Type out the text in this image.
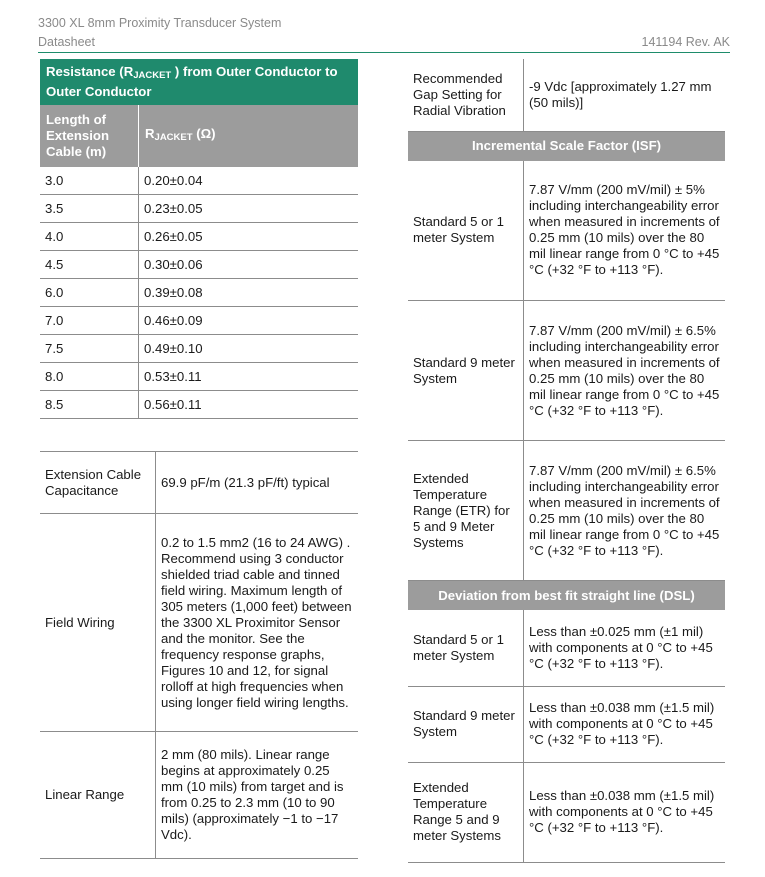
3300 XL 8mm Proximity Transducer System
Datasheet	141194 Rev. AK
Resistance ($R_{JACKET}$ ) from Outer Conductor to Outer Conductor	
Length of Extension Cable (m)	$R_{JACKET}$ (Ω)
3.0	0.20±0.04
3.5	0.23±0.05
4.0	0.26±0.05
4.5	0.30±0.06
6.0	0.39±0.08
7.0	0.46±0.09
7.5	0.49±0.10
8.0	0.53±0.11
8.5	0.56±0.11
Extension Cable Capacitance	69.9 pF/m (21.3 pF/ft) typical
Field Wiring	0.2 to 1.5 mm2 (16 to 24 AWG) . Recommend using 3 conductor shielded triad cable and tinned field wiring. Maximum length of 305 meters (1,000 feet) between the 3300 XL Proximitor Sensor and the monitor. See the frequency response graphs, Figures 10 and 12, for signal rolloff at high frequencies when using longer field wiring lengths.
Linear Range	2 mm (80 mils). Linear range begins at approximately 0.25 mm (10 mils) from target and is from 0.25 to 2.3 mm (10 to 90 mils) (approximately −1 to −17 Vdc).
Recommended Gap Setting for Radial Vibration	-9 Vdc [approximately 1.27 mm (50 mils)]
Incremental Scale Factor (ISF)	
Standard 5 or 1 meter System	7.87 V/mm (200 mV/mil) ± 5% including interchangeability error when measured in increments of 0.25 mm (10 mils) over the 80 mil linear range from 0 °C to +45 °C (+32 °F to +113 °F).
Standard 9 meter System	7.87 V/mm (200 mV/mil) ± 6.5% including interchangeability error when measured in increments of 0.25 mm (10 mils) over the 80 mil linear range from 0 °C to +45 °C (+32 °F to +113 °F).
Extended Temperature Range (ETR) for 5 and 9 Meter Systems	7.87 V/mm (200 mV/mil) ± 6.5% including interchangeability error when measured in increments of 0.25 mm (10 mils) over the 80 mil linear range from 0 °C to +45 °C (+32 °F to +113 °F).
Deviation from best fit straight line (DSL)	
Standard 5 or 1 meter System	Less than ±0.025 mm (±1 mil) with components at 0 °C to +45 °C (+32 °F to +113 °F).
Standard 9 meter System	Less than ±0.038 mm (±1.5 mil) with components at 0 °C to +45 °C (+32 °F to +113 °F).
Extended Temperature Range 5 and 9 meter Systems	Less than ±0.038 mm (±1.5 mil) with components at 0 °C to +45 °C (+32 °F to +113 °F).
